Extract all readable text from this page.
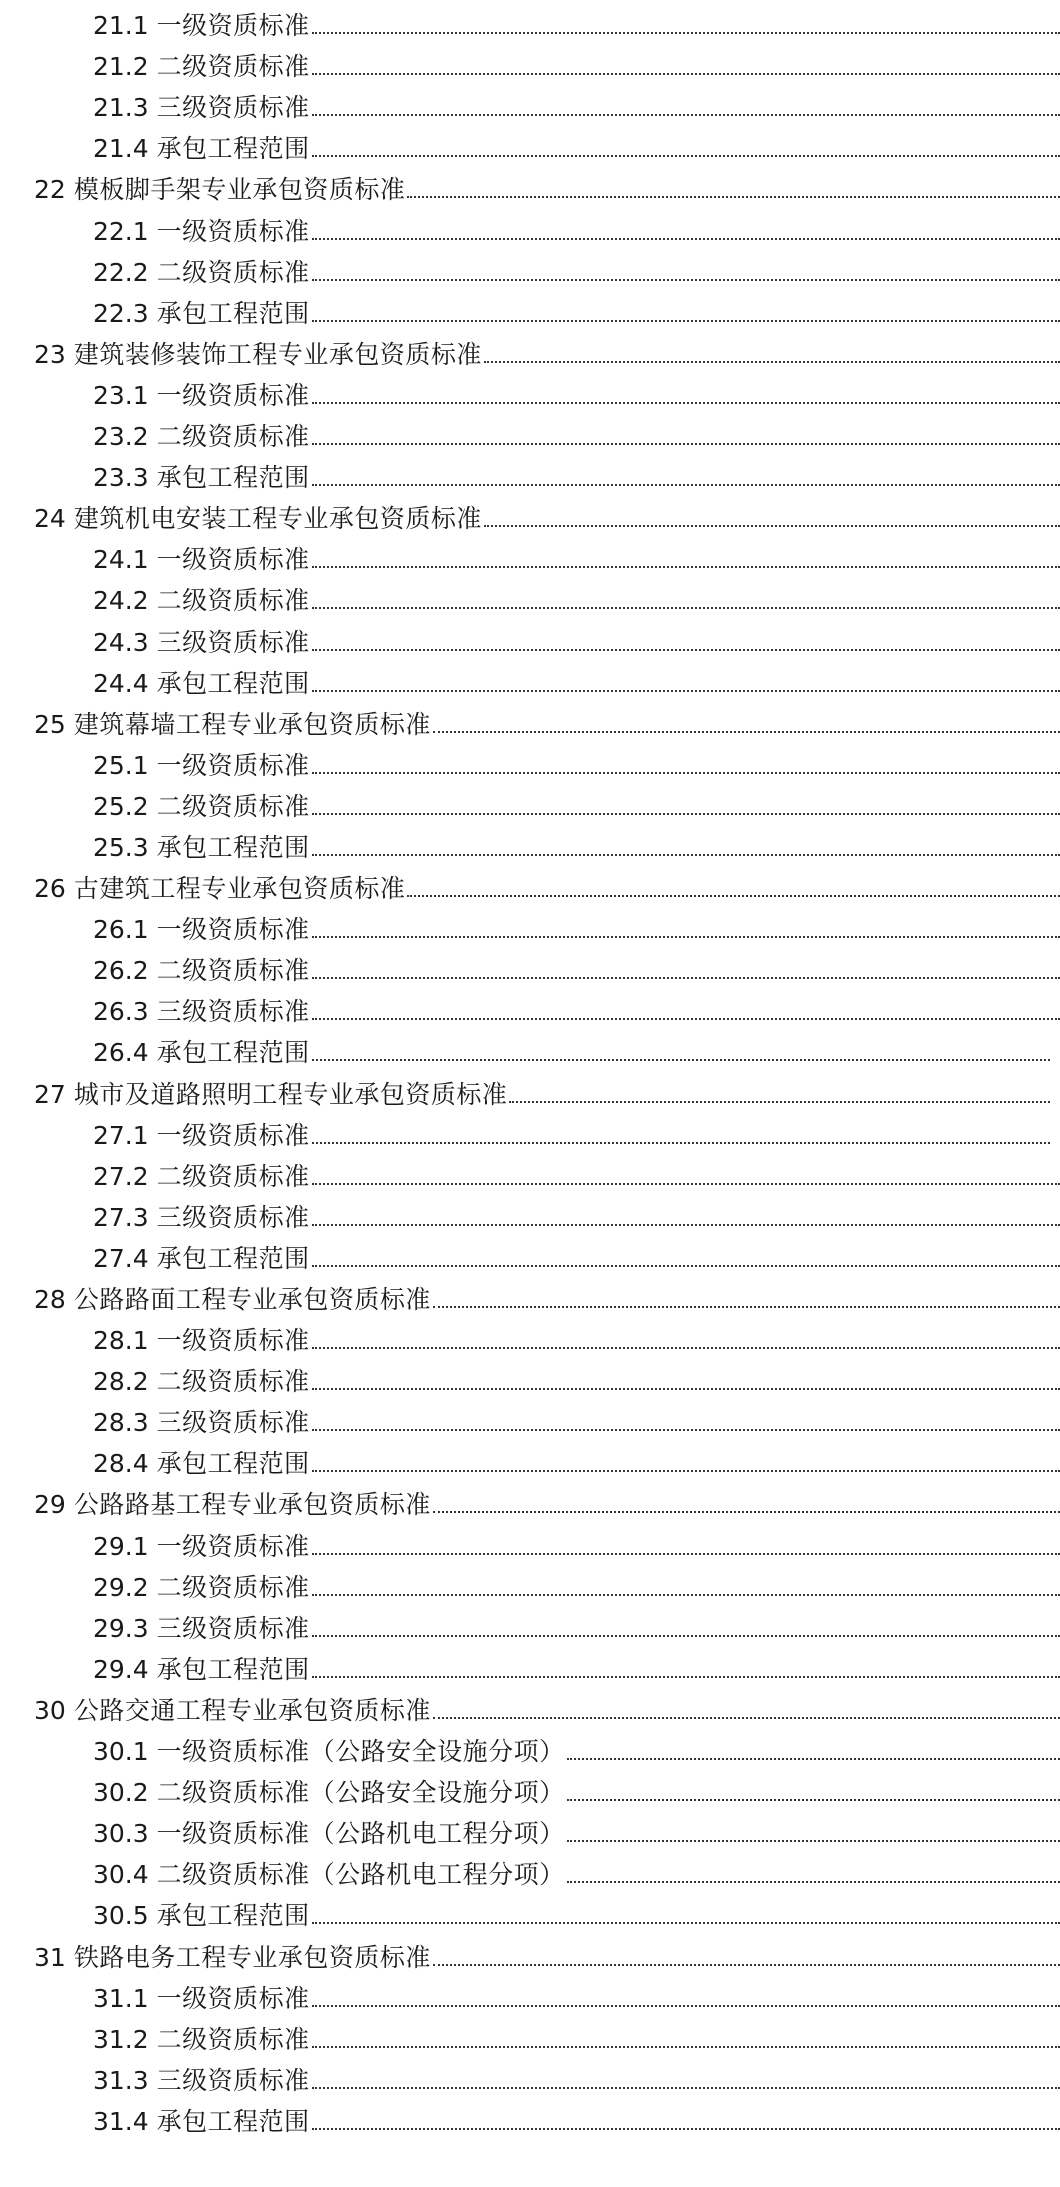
21.1 一级资质标准
21.2 二级资质标准
21.3 三级资质标准
21.4 承包工程范围
22 模板脚手架专业承包资质标准
22.1 一级资质标准
22.2 二级资质标准
22.3 承包工程范围
23 建筑装修装饰工程专业承包资质标准
23.1 一级资质标准
23.2 二级资质标准
23.3 承包工程范围
24 建筑机电安装工程专业承包资质标准
24.1 一级资质标准
24.2 二级资质标准
24.3 三级资质标准
24.4 承包工程范围
25 建筑幕墙工程专业承包资质标准
25.1 一级资质标准
25.2 二级资质标准
25.3 承包工程范围
26 古建筑工程专业承包资质标准
26.1 一级资质标准
26.2 二级资质标准
26.3 三级资质标准
26.4 承包工程范围
27 城市及道路照明工程专业承包资质标准
27.1 一级资质标准
27.2 二级资质标准
27.3 三级资质标准
27.4 承包工程范围
28 公路路面工程专业承包资质标准
28.1 一级资质标准
28.2 二级资质标准
28.3 三级资质标准
28.4 承包工程范围
29 公路路基工程专业承包资质标准
29.1 一级资质标准
29.2 二级资质标准
29.3 三级资质标准
29.4 承包工程范围
30 公路交通工程专业承包资质标准
30.1 一级资质标准（公路安全设施分项）
30.2 二级资质标准（公路安全设施分项）
30.3 一级资质标准（公路机电工程分项）
30.4 二级资质标准（公路机电工程分项）
30.5 承包工程范围
31 铁路电务工程专业承包资质标准
31.1 一级资质标准
31.2 二级资质标准
31.3 三级资质标准
31.4 承包工程范围
